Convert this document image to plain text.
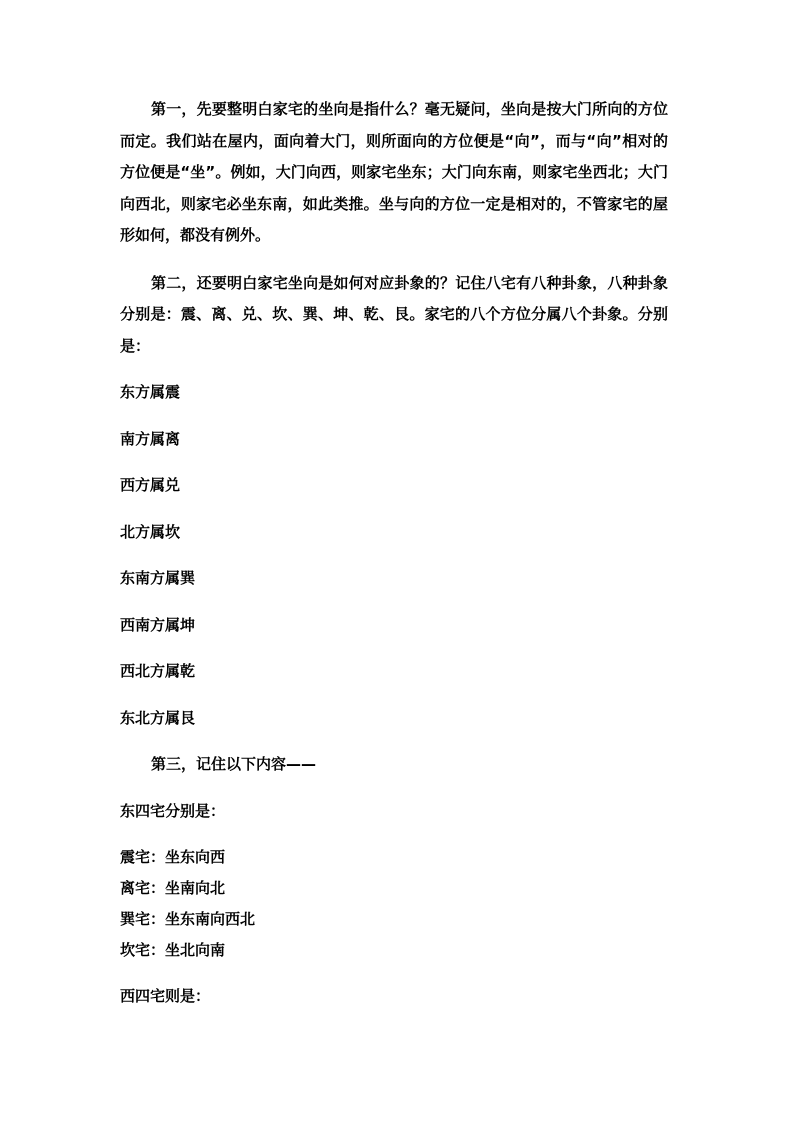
第一，先要整明白家宅的坐向是指什么？毫无疑问，坐向是按大门所向的方位而定。我们站在屋内，面向着大门，则所面向的方位便是“向”，而与“向”相对的方位便是“坐”。例如，大门向西，则家宅坐东；大门向东南，则家宅坐西北；大门向西北，则家宅必坐东南，如此类推。坐与向的方位一定是相对的，不管家宅的屋形如何，都没有例外。

第二，还要明白家宅坐向是如何对应卦象的？记住八宅有八种卦象，八种卦象分别是：震、离、兑、坎、巽、坤、乾、艮。家宅的八个方位分属八个卦象。分别是：

东方属震

南方属离

西方属兑

北方属坎

东南方属巽

西南方属坤

西北方属乾

东北方属艮

第三，记住以下内容——

东四宅分别是：

震宅：坐东向西

离宅：坐南向北

巽宅：坐东南向西北

坎宅：坐北向南

西四宅则是：
